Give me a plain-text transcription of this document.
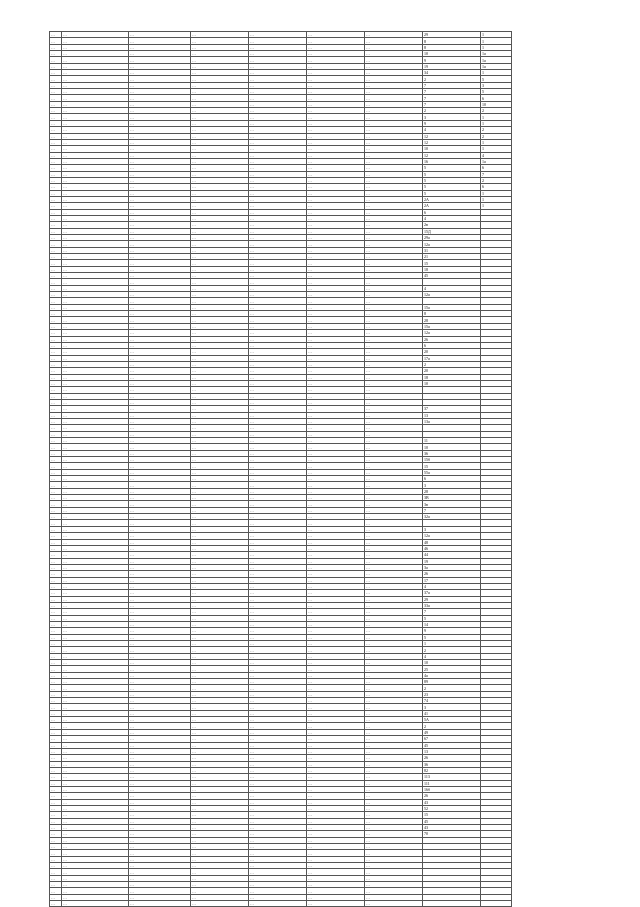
…	…	…	…	…	…	…	29	1
…	…	…	…	…	…	…	8	1
…	…	…	…	…	…	…	8	1
…	…	…	…	…	…	…	10	1а
…	…	…	…	…	…	…	9	1а
…	…	…	…	…	…	…	19	1а
…	…	…	…	…	…	…	34	1
…	…	…	…	…	…	…	2	5
…	…	…	…	…	…	…	7	3
…	…	…	…	…	…	…	7	5
…	…	…	…	…	…	…	7	6
…	…	…	…	…	…	…	7	10
…	…	…	…	…	…	…	2	2
…	…	…	…	…	…	…	3	1
…	…	…	…	…	…	…	9	1
…	…	…	…	…	…	…	4	2
…	…	…	…	…	…	…	12	2
…	…	…	…	…	…	…	12	1
…	…	…	…	…	…	…	10	1
…	…	…	…	…	…	…	12	4
…	…	…	…	…	…	…	16	1а
…	…	…	…	…	…	…	5	6
…	…	…	…	…	…	…	5	7
…	…	…	…	…	…	…	5	2
…	…	…	…	…	…	…	5	6
…	…	…	…	…	…	…	5	1
…	…	…	…	…	…	…	2А	1
…	…	…	…	…	…	…	2А	1
…	…	…	…	…	…	…	6	
…	…	…	…	…	…	…	4	
…	…	…	…	…	…	…	2в	
…	…	…	…	…	…	…	15Д	
…	…	…	…	…	…	…	29а	
…	…	…	…	…	…	…	12а	
…	…	…	…	…	…	…	31	
…	…	…	…	…	…	…	21	
…	…	…	…	…	…	…	15	
…	…	…	…	…	…	…	18	
…	…	…	…	…	…	…	45	
…	…	…	…	…	…	…		
…	…	…	…	…	…	…	4	
…	…	…	…	…	…	…	12а	
…	…	…	…	…	…	…		
…	…	…	…	…	…	…	15а	
…	…	…	…	…	…	…	8	
…	…	…	…	…	…	…	28	
…	…	…	…	…	…	…	15а	
…	…	…	…	…	…	…	12а	
…	…	…	…	…	…	…	26	
…	…	…	…	…	…	…	6	
…	…	…	…	…	…	…	20	
…	…	…	…	…	…	…	17а	
…	…	…	…	…	…	…	2	
…	…	…	…	…	…	…	20	
…	…	…	…	…	…	…	18	
…	…	…	…	…	…	…	10	
…	…	…	…	…	…	…		
…	…	…	…	…	…	…		
…	…	…	…	…	…	…		
…	…	…	…	…	…	…	37	
…	…	…	…	…	…	…	13	
…	…	…	…	…	…	…	13а	
…	…	…	…	…	…	…		
…	…	…	…	…	…	…		
…	…	…	…	…	…	…	11	
…	…	…	…	…	…	…	10	
…	…	…	…	…	…	…	36	
…	…	…	…	…	…	…	15б	
…	…	…	…	…	…	…	15	
…	…	…	…	…	…	…	55а	
…	…	…	…	…	…	…	6	
…	…	…	…	…	…	…	3	
…	…	…	…	…	…	…	28	
…	…	…	…	…	…	…	3В	
…	…	…	…	…	…	…	3в	
…	…	…	…	…	…	…	7	
…	…	…	…	…	…	…	32а	
…	…	…	…	…	…	…		
…	…	…	…	…	…	…	3	
…	…	…	…	…	…	…	12а	
…	…	…	…	…	…	…	48	
…	…	…	…	…	…	…	46	
…	…	…	…	…	…	…	44	
…	…	…	…	…	…	…	19	
…	…	…	…	…	…	…	3а	
…	…	…	…	…	…	…	26	
…	…	…	…	…	…	…	17	
…	…	…	…	…	…	…	4	
…	…	…	…	…	…	…	37а	
…	…	…	…	…	…	…	29	
…	…	…	…	…	…	…	33а	
…	…	…	…	…	…	…	7	
…	…	…	…	…	…	…	5	
…	…	…	…	…	…	…	14	
…	…	…	…	…	…	…	9	
…	…	…	…	…	…	…	5	
…	…	…	…	…	…	…	1	
…	…	…	…	…	…	…	2	
…	…	…	…	…	…	…	4	
…	…	…	…	…	…	…	10	
…	…	…	…	…	…	…	25	
…	…	…	…	…	…	…	4а	
…	…	…	…	…	…	…	89	
…	…	…	…	…	…	…	2	
…	…	…	…	…	…	…	23	
…	…	…	…	…	…	…	74	
…	…	…	…	…	…	…	3	
…	…	…	…	…	…	…	41	
…	…	…	…	…	…	…	5А	
…	…	…	…	…	…	…	2	
…	…	…	…	…	…	…	49	
…	…	…	…	…	…	…	67	
…	…	…	…	…	…	…	45	
…	…	…	…	…	…	…	13	
…	…	…	…	…	…	…	26	
…	…	…	…	…	…	…	36	
…	…	…	…	…	…	…	82	
…	…	…	…	…	…	…	113	
…	…	…	…	…	…	…	111	
…	…	…	…	…	…	…	16б	
…	…	…	…	…	…	…	26	
…	…	…	…	…	…	…	43	
…	…	…	…	…	…	…	52	
…	…	…	…	…	…	…	15	
…	…	…	…	…	…	…	45	
…	…	…	…	…	…	…	43	
…	…	…	…	…	…	…	70	
…	…	…	…	…	…	…		
…	…	…	…	…	…	…		
…	…	…	…	…	…	…		
…	…	…	…	…	…	…		
…	…	…	…	…	…	…		
…	…	…	…	…	…	…		
…	…	…	…	…	…	…		
…	…	…	…	…	…	…		
…	…	…	…	…	…	…		
…	…	…	…	…	…	…		
…	…	…	…	…	…	…		
